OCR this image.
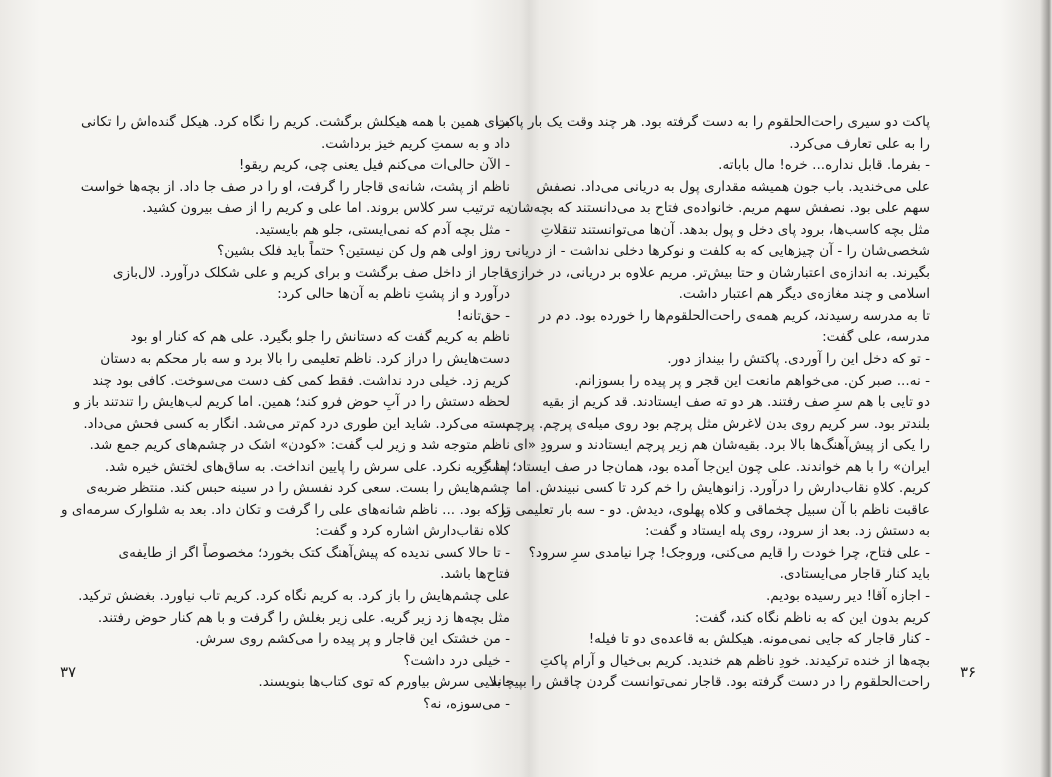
برای همین با همه هیکلش برگشت. کریم را نگاه کرد. هیکل گنده‌اش را تکانی

داد و به سمتِ کریم خیز برداشت.

- الآن حالی‌ات می‌کنم فیل یعنی چی، کریم ریقو!

ناظم از پشت، شانه‌ی قاجار را گرفت، او را در صف جا داد. از بچه‌ها خواست

به ترتیب سر کلاس بروند. اما علی و کریم را از صف بیرون کشید.

- مثل بچه آدم که نمی‌ایستی، جلو هم بایستید.

- روز اولی هم ول کن نیستین؟ حتماً باید فلک بشین؟

قاجار از داخل صف برگشت و برای کریم و علی شکلک درآورد. لال‌بازی

درآورد و از پشتِ ناظم به آن‌ها حالی کرد:

- حق‌تانه!

ناظم به کریم گفت که دستانش را جلو بگیرد. علی هم که کنار او بود

دست‌هایش را دراز کرد. ناظم تعلیمی را بالا برد و سه بار محکم به دستان

کریم زد. خیلی درد نداشت. فقط کمی کف دست می‌سوخت. کافی بود چند

لحظه دستش را در آبِ حوض فرو کند؛ همین. اما کریم لب‌هایش را تند‌تند باز و

بسته می‌کرد. شاید این طوری درد کم‌تر می‌شد. انگار به کسی فحش می‌داد.

ناظم متوجه شد و زیر لب گفت: «کودن» اشک در چشم‌های کریم جمع شد.

اما گریه نکرد. علی سرش را پایین انداخت. به ساق‌های لختش خیره شد.

چشم‌هایش را بست. سعی کرد نفسش را در سینه حبس کند. منتظر ضربه‌ی

ترکه بود. ... ناظم شانه‌های علی را گرفت و تکان داد. بعد به شلوارک سرمه‌ای و

کلاه نقاب‌دارش اشاره کرد و گفت:

- تا حالا کسی ندیده که پیش‌آهنگ کتک بخورد؛ مخصوصاً اگر از طایفه‌ی

فتاح‌ها باشد.

علی چشم‌هایش را باز کرد. به کریم نگاه کرد. کریم تاب نیاورد. بغضش ترکید.

مثل بچه‌ها زد زیر گریه. علی زیر بغلش را گرفت و با هم کنار حوض رفتند.

- من خشتک این قاجار و پر پیده را می‌کشم روی سرش.

- خیلی درد داشت؟

- بلایی سرش بیاورم که توی کتاب‌ها بنویسند.

- می‌سوزه، نه؟

۳۷

پاکت دو سیری راحت‌الحلقوم را به دست گرفته بود. هر چند وقت یک بار پاکت

را به علی تعارف می‌کرد.

- بفرما. قابل نداره... خره! مال باباته.

علی می‌خندید. باب جون همیشه مقداری پول به دریانی می‌داد. نصفش

سهم علی بود. نصفش سهم مریم. خانواده‌ی فتاح بد می‌دانستند که بچه‌شان

مثل بچه کاسب‌ها، برود پای دخل و پول بدهد. آن‌ها می‌توانستند تنقلاتِ

شخصی‌شان را - آن چیزهایی که به کلفت و نوکرها دخلی نداشت - از دریانی

بگیرند. به اندازه‌ی اعتبارشان و حتا بیش‌تر. مریم علاوه بر دریانی، در خرازی

اسلامی و چند مغازه‌ی دیگر هم اعتبار داشت.

تا به مدرسه رسیدند، کریم همه‌ی راحت‌الحلقوم‌ها را خورده بود. دم در

مدرسه، علی گفت:

- تو که دخل این را آوردی. پاکتش را بینداز دور.

- نه... صبر کن. می‌خواهم مانعت این قجر و پر پیده را بسوزانم.

دو تایی با هم سرِ صف رفتند. هر دو ته صف ایستادند. قد کریم از بقیه

بلندتر بود. سر کریم روی بدن لاغرش مثل پرچم بود روی میله‌ی پرچم. پرچم

را یکی از پیش‌آهنگ‌ها بالا برد. بقیه‌شان هم زیر پرچم ایستادند و سرودِ «ای

ایران» را با هم خواندند. علی چون این‌جا آمده بود، همان‌جا در صف ایستاد؛ پشتِ

کریم. کلاهِ نقاب‌دارش را درآورد. زانوهایش را خم کرد تا کسی نبیندش. اما

عاقبت ناظم با آن سبیل چخماقی و کلاه پهلوی، دیدش. دو - سه بار تعلیمی را

به دستش زد. بعد از سرود، روی پله ایستاد و گفت:

- علی فتاح، چرا خودت را قایم می‌کنی، وروجک! چرا نیامدی سرِ سرود؟

باید کنار قاجار می‌ایستادی.

- اجازه آقا! دیر رسیده بودیم.

کریم بدون این که به ناظم نگاه کند، گفت:

- کنار قاجار که جایی نمی‌مونه. هیکلش به قاعده‌ی دو تا فیله!

بچه‌ها از خنده ترکیدند. خودِ ناظم هم خندید. کریم بی‌خیال و آرام پاکتِ

راحت‌الحلقوم را در دست گرفته بود. قاجار نمی‌توانست گردن چاقش را بپیچاند.

۳۶
